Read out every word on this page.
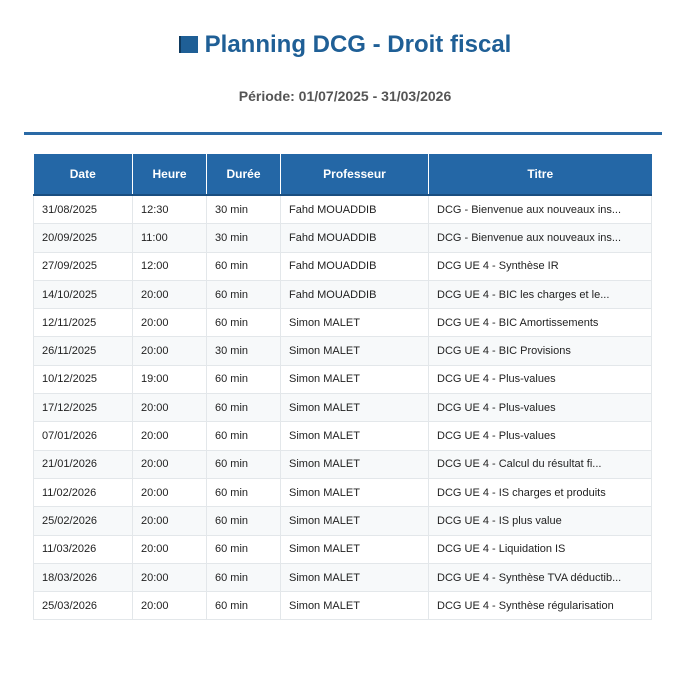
Planning DCG - Droit fiscal
Période: 01/07/2025 - 31/03/2026
Date	Heure	Durée	Professeur	Titre
31/08/2025	12:30	30 min	Fahd MOUADDIB	DCG - Bienvenue aux nouveaux ins...
20/09/2025	11:00	30 min	Fahd MOUADDIB	DCG - Bienvenue aux nouveaux ins...
27/09/2025	12:00	60 min	Fahd MOUADDIB	DCG UE 4 - Synthèse IR
14/10/2025	20:00	60 min	Fahd MOUADDIB	DCG UE 4 - BIC les charges et le...
12/11/2025	20:00	60 min	Simon MALET	DCG UE 4 - BIC Amortissements
26/11/2025	20:00	30 min	Simon MALET	DCG UE 4 - BIC Provisions
10/12/2025	19:00	60 min	Simon MALET	DCG UE 4 - Plus-values
17/12/2025	20:00	60 min	Simon MALET	DCG UE 4 - Plus-values
07/01/2026	20:00	60 min	Simon MALET	DCG UE 4 - Plus-values
21/01/2026	20:00	60 min	Simon MALET	DCG UE 4 - Calcul du résultat fi...
11/02/2026	20:00	60 min	Simon MALET	DCG UE 4 - IS charges et produits
25/02/2026	20:00	60 min	Simon MALET	DCG UE 4 - IS plus value
11/03/2026	20:00	60 min	Simon MALET	DCG UE 4 - Liquidation IS
18/03/2026	20:00	60 min	Simon MALET	DCG UE 4 - Synthèse TVA déductib...
25/03/2026	20:00	60 min	Simon MALET	DCG UE 4 - Synthèse régularisation
